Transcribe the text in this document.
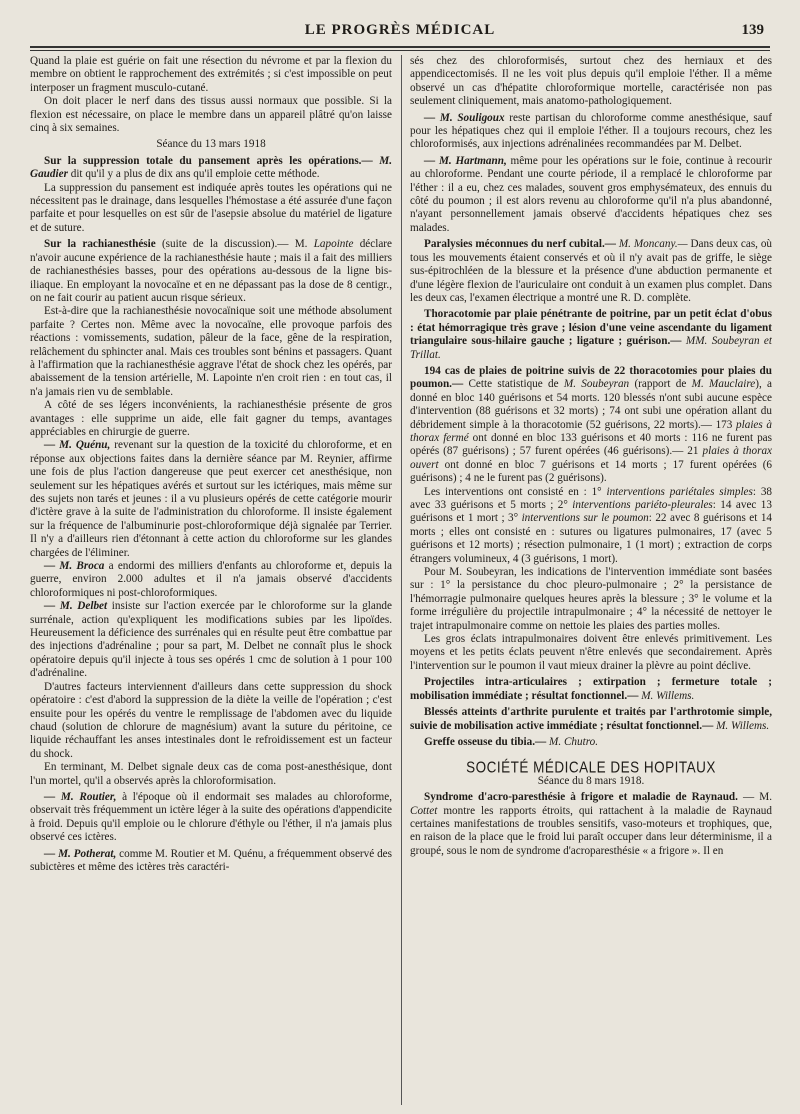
LE PROGRÈS MÉDICAL	139

Quand la plaie est guérie on fait une résection du névrome et par la flexion du membre on obtient le rapprochement des extrémités ; si c'est impossible on peut interposer un fragment musculo-cutané.

On doit placer le nerf dans des tissus aussi normaux que possible. Si la flexion est nécessaire, on place le membre dans un appareil plâtré qu'on laisse cinq à six semaines.

Séance du 13 mars 1918

Sur la suppression totale du pansement après les opérations.— M. Gaudier dit qu'il y a plus de dix ans qu'il emploie cette méthode.

La suppression du pansement est indiquée après toutes les opérations qui ne nécessitent pas le drainage, dans lesquelles l'hémostase a été assurée d'une façon parfaite et pour lesquelles on est sûr de l'asepsie absolue du matériel de ligature et de suture.

Sur la rachianesthésie (suite de la discussion).— M. Lapointe déclare n'avoir aucune expérience de la rachianesthésie haute ; mais il a fait des milliers de rachianesthésies basses, pour des opérations au-dessous de la ligne bis-iliaque. En employant la novocaïne et en ne dépassant pas la dose de 8 centigr., on ne fait courir au patient aucun risque sérieux.

Est-à-dire que la rachianesthésie novocaïnique soit une méthode absolument parfaite ? Certes non. Même avec la novocaïne, elle provoque parfois des réactions : vomissements, sudation, pâleur de la face, gêne de la respiration, relâchement du sphincter anal. Mais ces troubles sont bénins et passagers. Quant à l'affirmation que la rachianesthésie aggrave l'état de shock chez les opérés, par abaissement de la tension artérielle, M. Lapointe n'en croit rien : en tout cas, il n'a jamais rien vu de semblable.

A côté de ses légers inconvénients, la rachianesthésie présente de gros avantages : elle supprime un aide, elle fait gagner du temps, avantages appréciables en chirurgie de guerre.

— M. Quénu, revenant sur la question de la toxicité du chloroforme, et en réponse aux objections faites dans la dernière séance par M. Reynier, affirme une fois de plus l'action dangereuse que peut exercer cet anesthésique, non seulement sur les hépatiques avérés et surtout sur les ictériques, mais même sur des sujets non tarés et jeunes : il a vu plusieurs opérés de cette catégorie mourir d'ictère grave à la suite de l'administration du chloroforme. Il insiste également sur la fréquence de l'albuminurie post-chloroformique déjà signalée par Terrier. Il n'y a d'ailleurs rien d'étonnant à cette action du chloroforme sur les glandes chargées de l'éliminer.

— M. Broca a endormi des milliers d'enfants au chloroforme et, depuis la guerre, environ 2.000 adultes et il n'a jamais observé d'accidents chloroformiques ni post-chloroformiques.

— M. Delbet insiste sur l'action exercée par le chloroforme sur la glande surrénale, action qu'expliquent les modifications subies par les lipoïdes. Heureusement la déficience des surrénales qui en résulte peut être combattue par des injections d'adrénaline ; pour sa part, M. Delbet ne connaît plus le shock opératoire depuis qu'il injecte à tous ses opérés 1 cmc de solution à 1 pour 100 d'adrénaline.

D'autres facteurs interviennent d'ailleurs dans cette suppression du shock opératoire : c'est d'abord la suppression de la diète la veille de l'opération ; c'est ensuite pour les opérés du ventre le remplissage de l'abdomen avec du liquide chaud (solution de chlorure de magnésium) avant la suture du péritoine, ce liquide réchauffant les anses intestinales dont le refroidissement est un facteur du shock.

En terminant, M. Delbet signale deux cas de coma post-anesthésique, dont l'un mortel, qu'il a observés après la chloroformisation.

— M. Routier, à l'époque où il endormait ses malades au chloroforme, observait très fréquemment un ictère léger à la suite des opérations d'appendicite à froid. Depuis qu'il emploie ou le chlorure d'éthyle ou l'éther, il n'a jamais plus observé ces ictères.

— M. Potherat, comme M. Routier et M. Quénu, a fréquemment observé des subictères et même des ictères très caractéri-

sés chez des chloroformisés, surtout chez des herniaux et des appendicectomisés. Il ne les voit plus depuis qu'il emploie l'éther. Il a même observé un cas d'hépatite chloroformique mortelle, caractérisée non pas seulement cliniquement, mais anatomo-pathologiquement.

— M. Souligoux reste partisan du chloroforme comme anesthésique, sauf pour les hépatiques chez qui il emploie l'éther. Il a toujours recours, chez les chloroformisés, aux injections adrénalinées recommandées par M. Delbet.

— M. Hartmann, même pour les opérations sur le foie, continue à recourir au chloroforme. Pendant une courte période, il a remplacé le chloroforme par l'éther : il a eu, chez ces malades, souvent gros emphysémateux, des ennuis du côté du poumon ; il est alors revenu au chloroforme qu'il n'a plus abandonné, n'ayant personnellement jamais observé d'accidents hépatiques chez ses malades.

Paralysies méconnues du nerf cubital.— M. Moncany.— Dans deux cas, où tous les mouvements étaient conservés et où il n'y avait pas de griffe, le siège sus-épitrochléen de la blessure et la présence d'une abduction permanente et d'une légère flexion de l'auriculaire ont conduit à un examen plus complet. Dans les deux cas, l'examen électrique a montré une R. D. complète.

Thoracotomie par plaie pénétrante de poitrine, par un petit éclat d'obus : état hémorragique très grave ; lésion d'une veine ascendante du ligament triangulaire sous-hilaire gauche ; ligature ; guérison.— MM. Soubeyran et Trillat.

194 cas de plaies de poitrine suivis de 22 thoracotomies pour plaies du poumon.— Cette statistique de M. Soubeyran (rapport de M. Mauclaire), a donné en bloc 140 guérisons et 54 morts. 120 blessés n'ont subi aucune espèce d'intervention (88 guérisons et 32 morts) ; 74 ont subi une opération allant du débridement simple à la thoracotomie (52 guérisons, 22 morts).— 173 plaies à thorax fermé ont donné en bloc 133 guérisons et 40 morts : 116 ne furent pas opérés (87 guérisons) ; 57 furent opérées (46 guérisons).— 21 plaies à thorax ouvert ont donné en bloc 7 guérisons et 14 morts ; 17 furent opérées (6 guérisons) ; 4 ne le furent pas (2 guérisons).

Les interventions ont consisté en : 1° interventions pariétales simples: 38 avec 33 guérisons et 5 morts ; 2° interventions pariéto-pleurales: 14 avec 13 guérisons et 1 mort ; 3° interventions sur le poumon: 22 avec 8 guérisons et 14 morts ; elles ont consisté en : sutures ou ligatures pulmonaires, 17 (avec 5 guérisons et 12 morts) ; résection pulmonaire, 1 (1 mort) ; extraction de corps étrangers volumineux, 4 (3 guérisons, 1 mort).

Pour M. Soubeyran, les indications de l'intervention immédiate sont basées sur : 1° la persistance du choc pleuro-pulmonaire ; 2° la persistance de l'hémorragie pulmonaire quelques heures après la blessure ; 3° le volume et la forme irrégulière du projectile intrapulmonaire ; 4° la nécessité de nettoyer le trajet intrapulmonaire comme on nettoie les plaies des parties molles.

Les gros éclats intrapulmonaires doivent être enlevés primitivement. Les moyens et les petits éclats peuvent n'être enlevés que secondairement. Après l'intervention sur le poumon il vaut mieux drainer la plèvre au point déclive.

Projectiles intra-articulaires ; extirpation ; fermeture totale ; mobilisation immédiate ; résultat fonctionnel.— M. Willems.

Blessés atteints d'arthrite purulente et traités par l'arthrotomie simple, suivie de mobilisation active immédiate ; résultat fonctionnel.— M. Willems.

Greffe osseuse du tibia.— M. Chutro.

SOCIÉTÉ MÉDICALE DES HOPITAUX

Séance du 8 mars 1918.

Syndrome d'acro-paresthésie à frigore et maladie de Raynaud. — M. Cottet montre les rapports étroits, qui rattachent à la maladie de Raynaud certaines manifestations de troubles sensitifs, vaso-moteurs et trophiques, que, en raison de la place que le froid lui paraît occuper dans leur déterminisme, il a groupé, sous le nom de syndrome d'acroparesthésie « a frigore ». Il en
